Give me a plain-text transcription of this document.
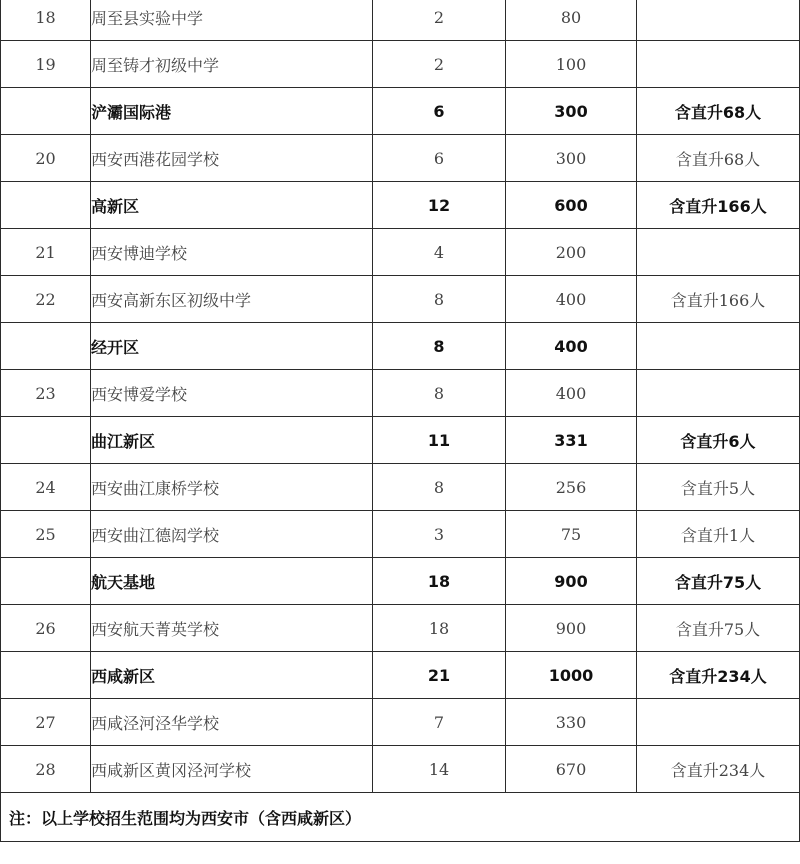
18	周至县实验中学	2	80	
19	周至铸才初级中学	2	100	
	浐灞国际港	6	300	含直升68人
20	西安西港花园学校	6	300	含直升68人
	高新区	12	600	含直升166人
21	西安博迪学校	4	200	
22	西安高新东区初级中学	8	400	含直升166人
	经开区	8	400	
23	西安博爱学校	8	400	
	曲江新区	11	331	含直升6人
24	西安曲江康桥学校	8	256	含直升5人
25	西安曲江德闳学校	3	75	含直升1人
	航天基地	18	900	含直升75人
26	西安航天菁英学校	18	900	含直升75人
	西咸新区	21	1000	含直升234人
27	西咸泾河泾华学校	7	330	
28	西咸新区黄冈泾河学校	14	670	含直升234人
注：以上学校招生范围均为西安市（含西咸新区）				
